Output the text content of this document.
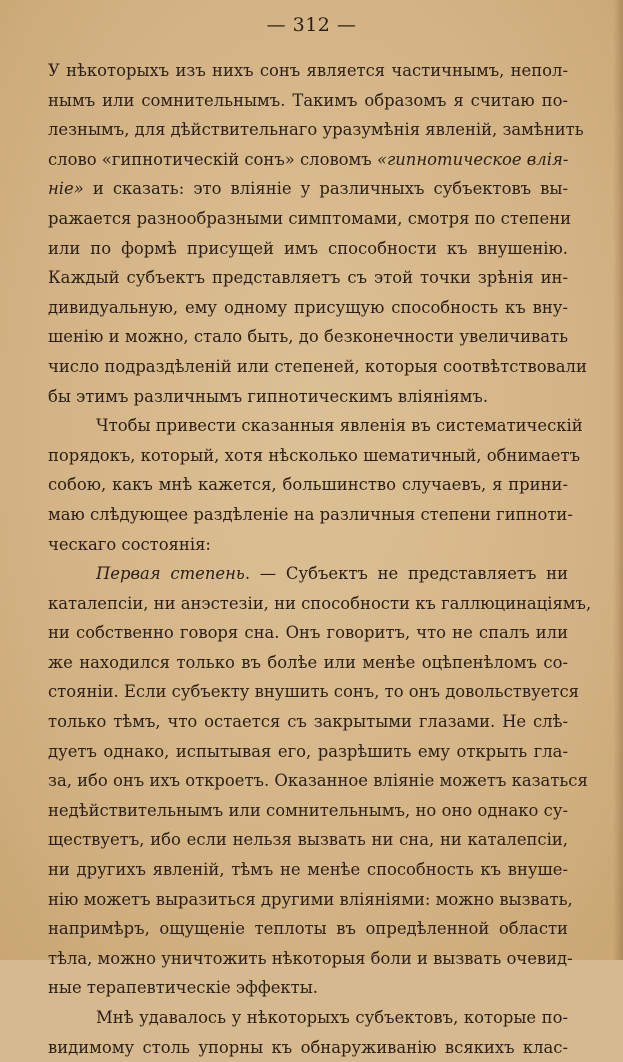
— 312 —
У нѣкоторыхъ изъ нихъ сонъ является частичнымъ, непол-
нымъ или сомнительнымъ. Такимъ образомъ я считаю по-
лезнымъ, для дѣйствительнаго уразумѣнія явленій, замѣнить
слово «гипнотическій сонъ» словомъ «гипнотическое влія-
ніе» и сказать: это вліяніе у различныхъ субъектовъ вы-
ражается разнообразными симптомами, смотря по степени
или по формѣ присущей имъ способности къ внушенію.
Каждый субъектъ представляетъ съ этой точки зрѣнія ин-
дивидуальную, ему одному присущую способность къ вну-
шенію и можно, стало быть, до безконечности увеличивать
число подраздѣленій или степеней, которыя соотвѣтствовали
бы этимъ различнымъ гипнотическимъ вліяніямъ.
Чтобы привести сказанныя явленія въ систематическій
порядокъ, который, хотя нѣсколько шематичный, обнимаетъ
собою, какъ мнѣ кажется, большинство случаевъ, я прини-
маю слѣдующее раздѣленіе на различныя степени гипноти-
ческаго состоянія:
Первая степень. — Субъектъ не представляетъ ни
каталепсіи, ни анэстезіи, ни способности къ галлюцинаціямъ,
ни собственно говоря сна. Онъ говоритъ, что не спалъ или
же находился только въ болѣе или менѣе оцѣпенѣломъ со-
стояніи. Если субъекту внушить сонъ, то онъ довольствуется
только тѣмъ, что остается съ закрытыми глазами. Не слѣ-
дуетъ однако, испытывая его, разрѣшить ему открыть гла-
за, ибо онъ ихъ откроетъ. Оказанное вліяніе можетъ казаться
недѣйствительнымъ или сомнительнымъ, но оно однако су-
ществуетъ, ибо если нельзя вызвать ни сна, ни каталепсіи,
ни другихъ явленій, тѣмъ не менѣе способность къ внуше-
нію можетъ выразиться другими вліяніями: можно вызвать,
напримѣръ, ощущеніе теплоты въ опредѣленной области
тѣла, можно уничтожить нѣкоторыя боли и вызвать очевид-
ные терапевтическіе эффекты.
Мнѣ удавалось у нѣкоторыхъ субъектовъ, которые по-
видимому столь упорны къ обнаруживанію всякихъ клас-
